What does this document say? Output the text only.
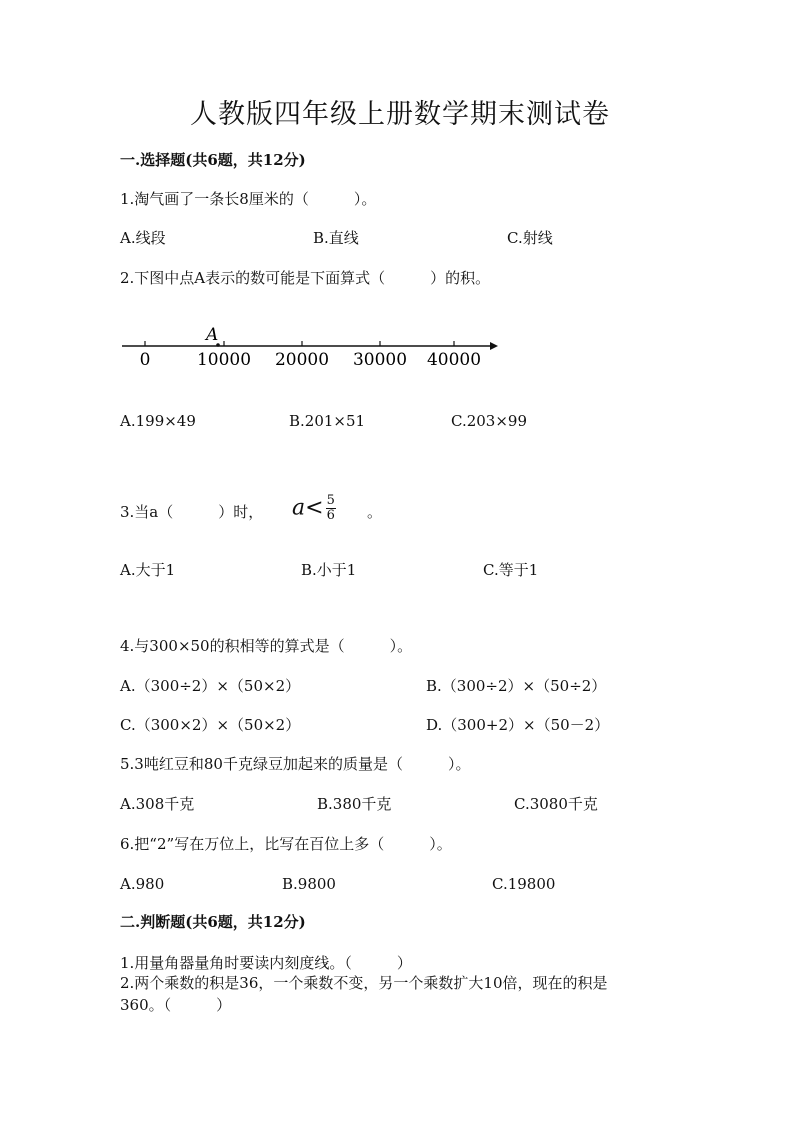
人教版四年级上册数学期末测试卷
一.选择题(共6题，共12分)
1.淘气画了一条长8厘米的（　　　）。
A.线段	B.直线	C.射线
2.下图中点A表示的数可能是下面算式（　　　）的积。
A
0	10000 20000 30000 40000
A.199×49	B.201×51	C.203×99
3.当a（　　　）时， $a< \frac{5}{6}$ 。
A.大于1	B.小于1	C.等于1
4.与300×50的积相等的算式是（　　　）。
A.（300÷2）×（50×2）	B.（300÷2）×（50÷2）
C.（300×2）×（50×2）	D.（300+2）×（50－2）
5.3吨红豆和80千克绿豆加起来的质量是（　　　）。
A.308千克	B.380千克	C.3080千克
6.把“2”写在万位上，比写在百位上多（　　　）。
A.980	B.9800	C.19800
二.判断题(共6题，共12分)
1.用量角器量角时要读内刻度线。（　　　）
2.两个乘数的积是36，一个乘数不变，另一个乘数扩大10倍，现在的积是
360。（　　　）
